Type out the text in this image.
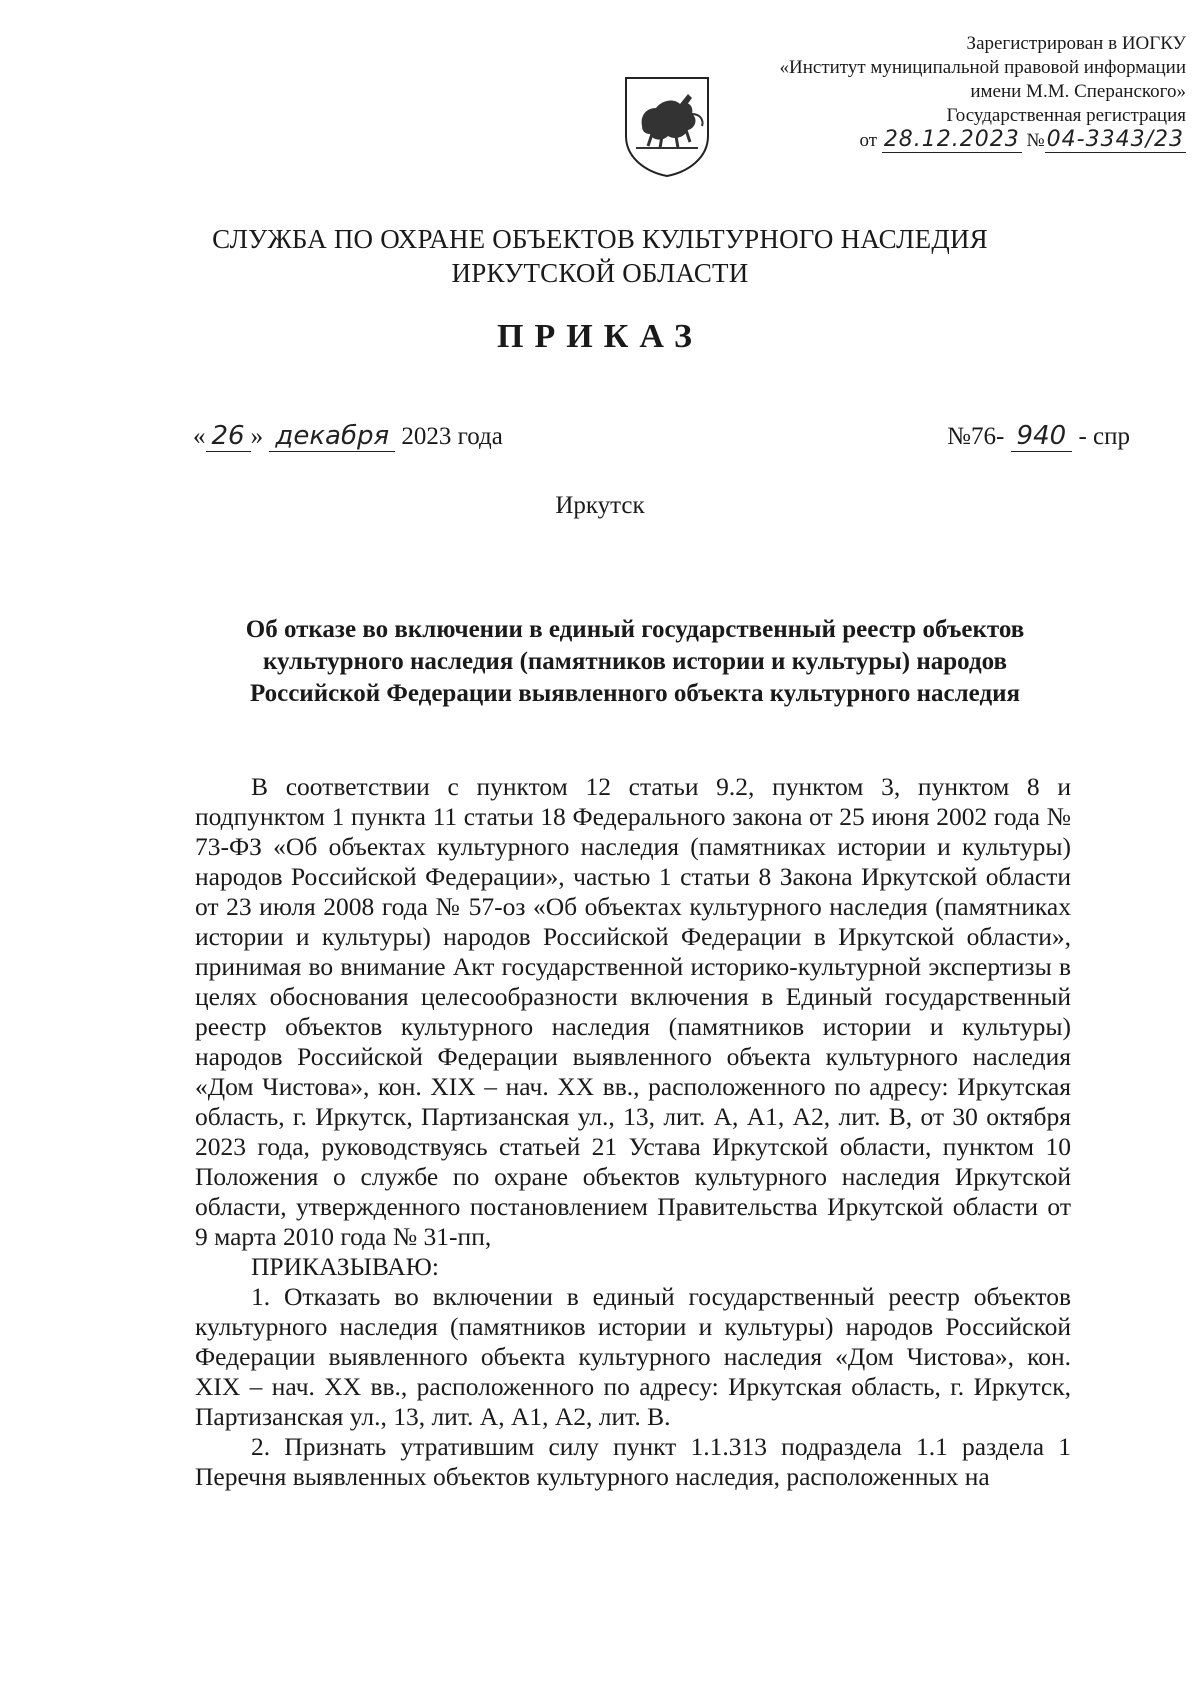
Зарегистрирован в ИОГКУ
«Институт муниципальной правовой информации
имени М.М. Сперанского»
Государственная регистрация
от 28.12.2023 №04-3343/23
СЛУЖБА ПО ОХРАНЕ ОБЪЕКТОВ КУЛЬТУРНОГО НАСЛЕДИЯ
ИРКУТСКОЙ ОБЛАСТИ
ПРИКАЗ
« 26 » декабря 2023 года	№76- 940 - спр
Иркутск
Об отказе во включении в единый государственный реестр объектов
культурного наследия (памятников истории и культуры) народов
Российской Федерации выявленного объекта культурного наследия

В соответствии с пунктом 12 статьи 9.2, пунктом 3, пунктом 8 и подпунктом 1 пункта 11 статьи 18 Федерального закона от 25 июня 2002 года № 73-ФЗ «Об объектах культурного наследия (памятниках истории и культуры) народов Российской Федерации», частью 1 статьи 8 Закона Иркутской области от 23 июля 2008 года № 57-оз «Об объектах культурного наследия (памятниках истории и культуры) народов Российской Федерации в Иркутской области», принимая во внимание Акт государственной историко-культурной экспертизы в целях обоснования целесообразности включения в Единый государственный реестр объектов культурного наследия (памятников истории и культуры) народов Российской Федерации выявленного объекта культурного наследия «Дом Чистова», кон. XIX – нач. XX вв., расположенного по адресу: Иркутская область, г. Иркутск, Партизанская ул., 13, лит. А, А1, А2, лит. В, от 30 октября 2023 года, руководствуясь статьей 21 Устава Иркутской области, пунктом 10 Положения о службе по охране объектов культурного наследия Иркутской области, утвержденного постановлением Правительства Иркутской области от 9 марта 2010 года № 31-пп,

ПРИКАЗЫВАЮ:

1. Отказать во включении в единый государственный реестр объектов культурного наследия (памятников истории и культуры) народов Российской Федерации выявленного объекта культурного наследия «Дом Чистова», кон. XIX – нач. XX вв., расположенного по адресу: Иркутская область, г. Иркутск, Партизанская ул., 13, лит. А, А1, А2, лит. В.

2. Признать утратившим силу пункт 1.1.313 подраздела 1.1 раздела 1 Перечня выявленных объектов культурного наследия, расположенных на
